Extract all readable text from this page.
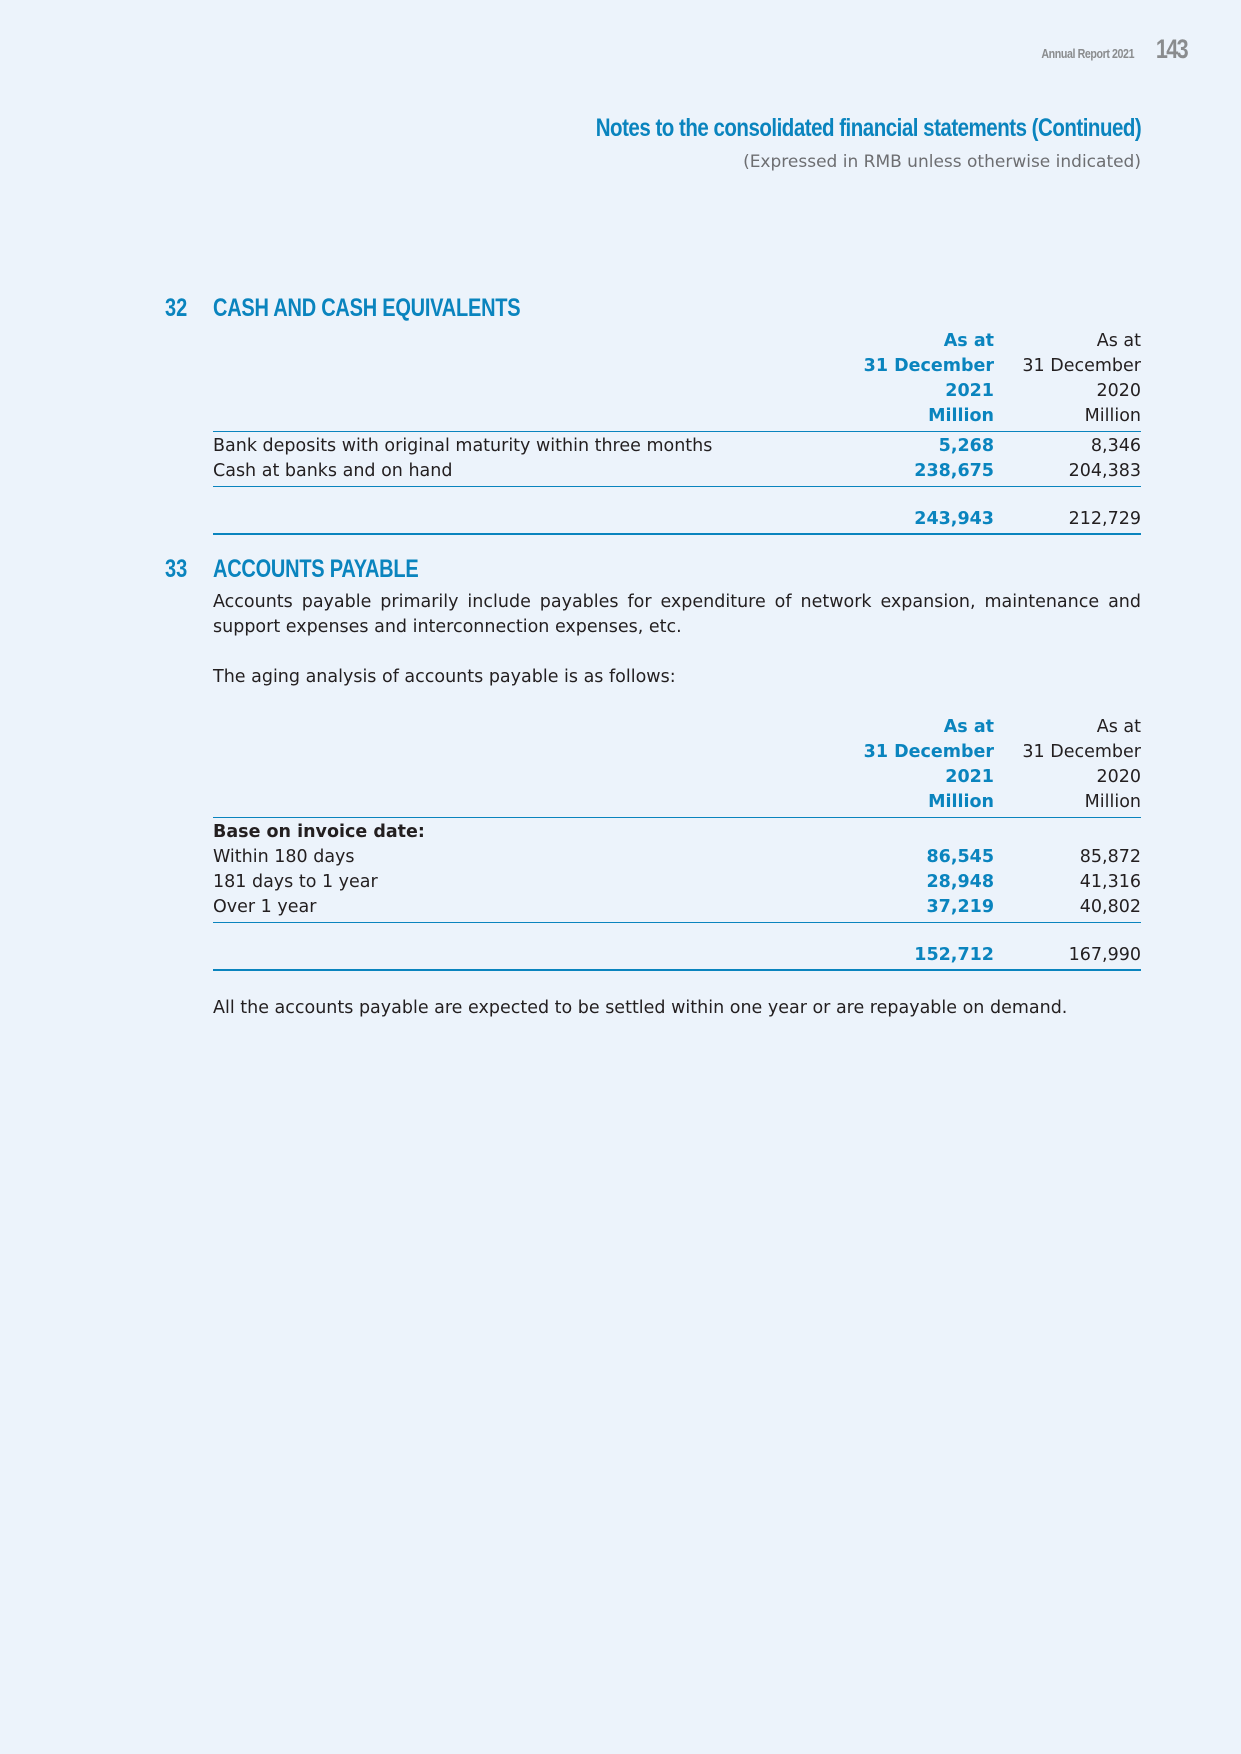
Annual Report 2021 143
Notes to the consolidated financial statements (Continued)
(Expressed in RMB unless otherwise indicated)
32 CASH AND CASH EQUIVALENTS
As at	As at
31 December 31 December
2021	2020
Million	Million
Bank deposits with original maturity within three months	5,268	8,346
Cash at banks and on hand	238,675	204,383
243,943	212,729
33 ACCOUNTS PAYABLE
Accounts payable primarily include payables for expenditure of network expansion, maintenance and support expenses and interconnection expenses, etc.
The aging analysis of accounts payable is as follows:
As at	As at
31 December 31 December
2021	2020
Million	Million
Base on invoice date:
Within 180 days	86,545	85,872
181 days to 1 year	28,948	41,316
Over 1 year	37,219	40,802
152,712	167,990
All the accounts payable are expected to be settled within one year or are repayable on demand.
